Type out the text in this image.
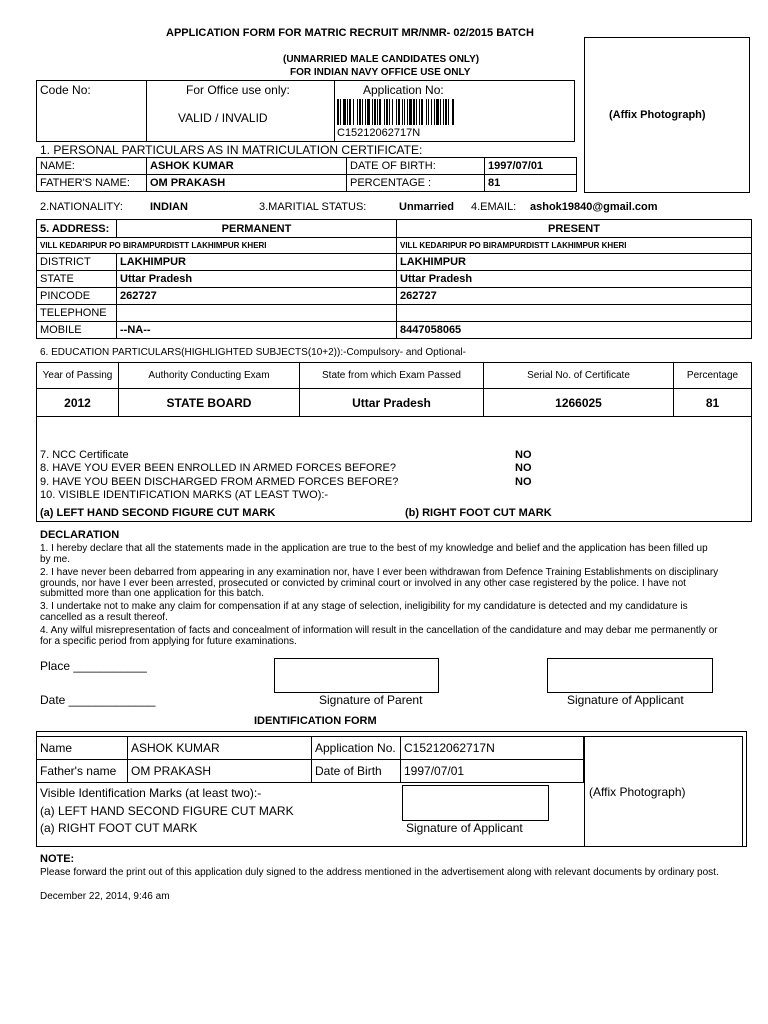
APPLICATION FORM FOR MATRIC RECRUIT MR/NMR- 02/2015 BATCH
(UNMARRIED MALE CANDIDATES ONLY)
FOR INDIAN NAVY OFFICE USE ONLY
(Affix Photograph)
Code No:	For Office use only:
VALID / INVALID
Application No:
C15212062717N
1. PERSONAL PARTICULARS AS IN MATRICULATION CERTIFICATE:
NAME:	ASHOK KUMAR	DATE OF BIRTH:	1997/07/01
FATHER'S NAME:	OM PRAKASH	PERCENTAGE :	81
2.NATIONALITY: INDIAN	3.MARITIAL STATUS:	Unmarried 4.EMAIL: ashok19840@gmail.com
5. ADDRESS:	PERMANENT	PRESENT
VILL KEDARIPUR PO BIRAMPURDISTT LAKHIMPUR KHERI		VILL KEDARIPUR PO BIRAMPURDISTT LAKHIMPUR KHERI
DISTRICT	LAKHIMPUR	LAKHIMPUR
STATE	Uttar Pradesh	Uttar Pradesh
PINCODE	262727	262727
TELEPHONE		
MOBILE	--NA--	8447058065
6. EDUCATION PARTICULARS(HIGHLIGHTED SUBJECTS(10+2)):-Compulsory- and Optional-
Year of Passing	Authority Conducting Exam	State from which Exam Passed	Serial No. of Certificate	Percentage
2012	STATE BOARD	Uttar Pradesh	1266025	81
7. NCC Certificate	NO
8. HAVE YOU EVER BEEN ENROLLED IN ARMED FORCES BEFORE?	NO
9. HAVE YOU BEEN DISCHARGED FROM ARMED FORCES BEFORE?	NO
10. VISIBLE IDENTIFICATION MARKS (AT LEAST TWO):-
(a) LEFT HAND SECOND FIGURE CUT MARK	(b) RIGHT FOOT CUT MARK
DECLARATION
1. I hereby declare that all the statements made in the application are true to the best of my knowledge and belief and the application has been filled up by me.
2. I have never been debarred from appearing in any examination nor, have I ever been withdrawan from Defence Training Establishments on disciplinary grounds, nor have I ever been arrested, prosecuted or convicted by criminal court or involved in any other case registered by the police. I have not submitted more than one application for this batch.
3. I undertake not to make any claim for compensation if at any stage of selection, ineligibility for my candidature is detected and my candidature is cancelled as a result thereof.
4. Any wilful misrepresentation of facts and concealment of information will result in the cancellation of the candidature and may debar me permanently or for a specific period from applying for future examinations.
Place ___________
Date _____________	Signature of Parent	Signature of Applicant
IDENTIFICATION FORM
Name	ASHOK KUMAR	Application No.	C15212062717N
Father's name	OM PRAKASH	Date of Birth	1997/07/01
(Affix Photograph)
Visible Identification Marks (at least two):-
(a) LEFT HAND SECOND FIGURE CUT MARK
(a) RIGHT FOOT CUT MARK	Signature of Applicant
NOTE:
Please forward the print out of this application duly signed to the address mentioned in the advertisement along with relevant documents by ordinary post.
December 22, 2014, 9:46 am
